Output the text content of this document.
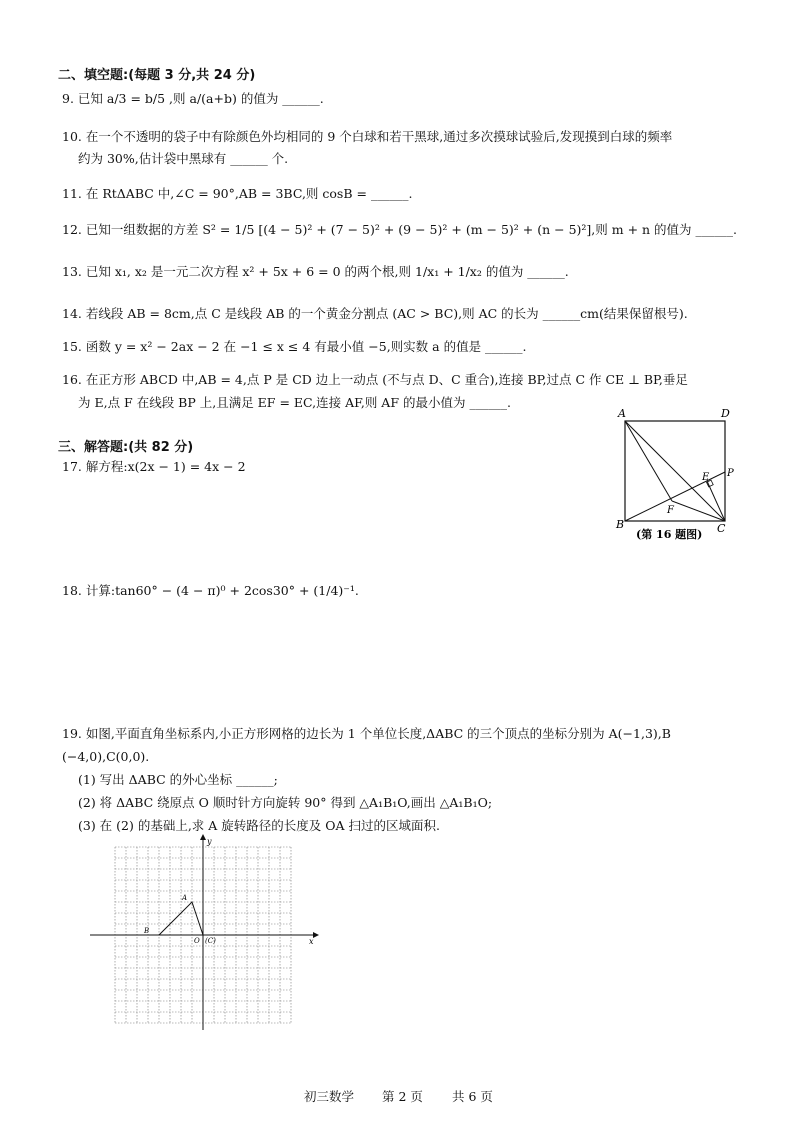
二、填空题:(每题 3 分,共 24 分)
9. 已知 a/3 = b/5 ,则 a/(a+b) 的值为 ______.
10. 在一个不透明的袋子中有除颜色外均相同的 9 个白球和若干黑球,通过多次摸球试验后,发现摸到白球的频率
约为 30%,估计袋中黑球有 ______ 个.
11. 在 RtΔABC 中,∠C = 90°,AB = 3BC,则 cosB = ______.
12. 已知一组数据的方差 S² = 1/5 [(4 − 5)² + (7 − 5)² + (9 − 5)² + (m − 5)² + (n − 5)²],则 m + n 的值为 ______.
13. 已知 x₁, x₂ 是一元二次方程 x² + 5x + 6 = 0 的两个根,则 1/x₁ + 1/x₂ 的值为 ______.
14. 若线段 AB = 8cm,点 C 是线段 AB 的一个黄金分割点 (AC > BC),则 AC 的长为 ______cm(结果保留根号).
15. 函数 y = x² − 2ax − 2 在 −1 ≤ x ≤ 4 有最小值 −5,则实数 a 的值是 ______.
16. 在正方形 ABCD 中,AB = 4,点 P 是 CD 边上一动点 (不与点 D、C 重合),连接 BP,过点 C 作 CE ⊥ BP,垂足
为 E,点 F 在线段 BP 上,且满足 EF = EC,连接 AF,则 AF 的最小值为 ______.
A	D
B	C
E P
F
(第 16 题图)
三、解答题:(共 82 分)
17. 解方程:x(2x − 1) = 4x − 2
18. 计算:tan60° − (4 − π)⁰ + 2cos30° + (1/4)⁻¹.
19. 如图,平面直角坐标系内,小正方形网格的边长为 1 个单位长度,ΔABC 的三个顶点的坐标分别为 A(−1,3),B
(−4,0),C(0,0).
(1) 写出 ΔABC 的外心坐标 ______;
(2) 将 ΔABC 绕原点 O 顺时针方向旋转 90° 得到 △A₁B₁O,画出 △A₁B₁O;
(3) 在 (2) 的基础上,求 A 旋转路径的长度及 OA 扫过的区域面积.
x
y
A
B
O (C)
初三数学 第 2 页 共 6 页
